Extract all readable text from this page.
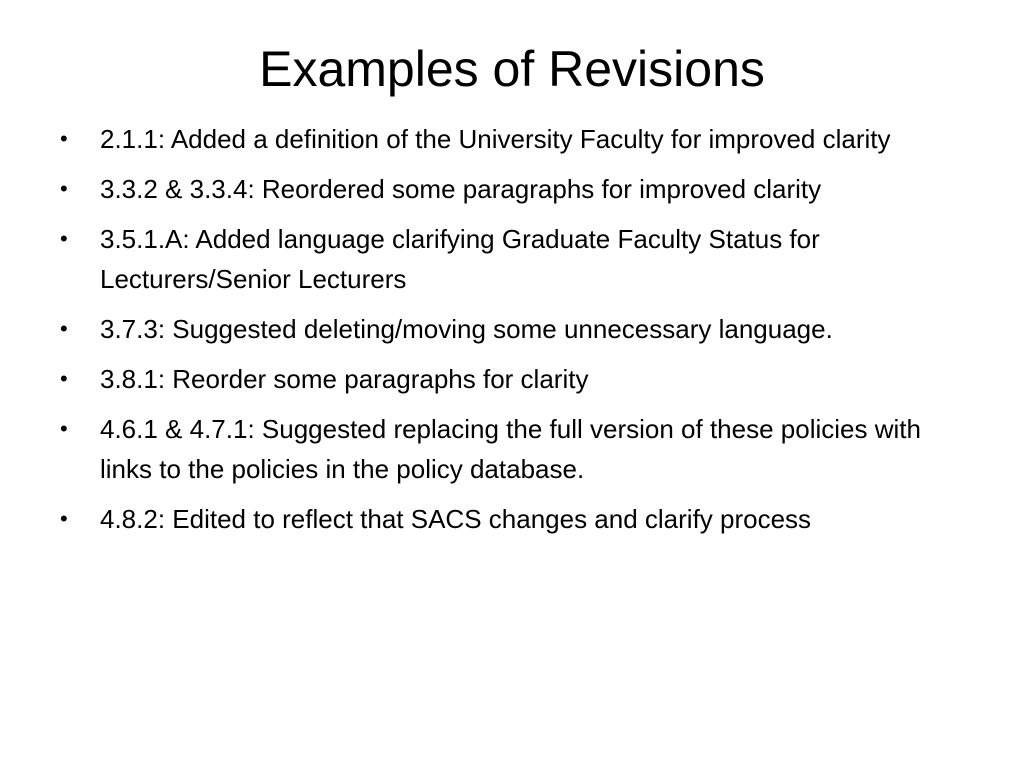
Examples of Revisions
• 2.1.1: Added a definition of the University Faculty for improved clarity
• 3.3.2 & 3.3.4: Reordered some paragraphs for improved clarity
• 3.5.1.A: Added language clarifying Graduate Faculty Status for Lecturers/Senior Lecturers
• 3.7.3: Suggested deleting/moving some unnecessary language.
• 3.8.1: Reorder some paragraphs for clarity
• 4.6.1 & 4.7.1: Suggested replacing the full version of these policies with links to the policies in the policy database.
• 4.8.2: Edited to reflect that SACS changes and clarify process
